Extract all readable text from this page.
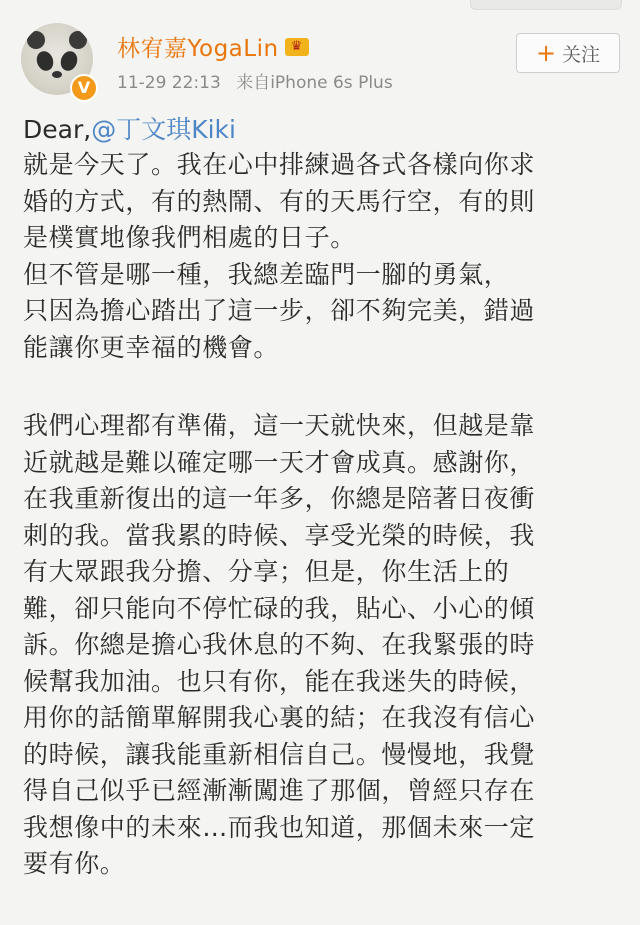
V
林宥嘉YogaLin ♛
11-29 22:13 来自iPhone 6s Plus
+ 关注
Dear,@丁文琪Kiki
就是今天了。我在心中排練過各式各樣向你求
婚的方式，有的熱鬧、有的天馬行空，有的則
是樸實地像我們相處的日子。
但不管是哪一種，我總差臨門一腳的勇氣，
只因為擔心踏出了這一步，卻不夠完美，錯過
能讓你更幸福的機會。
我們心理都有準備，這一天就快來，但越是靠
近就越是難以確定哪一天才會成真。感謝你，
在我重新復出的這一年多，你總是陪著日夜衝
刺的我。當我累的時候、享受光榮的時候，我
有大眾跟我分擔、分享；但是，你生活上的
難，卻只能向不停忙碌的我，貼心、小心的傾
訴。你總是擔心我休息的不夠、在我緊張的時
候幫我加油。也只有你，能在我迷失的時候，
用你的話簡單解開我心裏的結；在我沒有信心
的時候，讓我能重新相信自己。慢慢地，我覺
得自己似乎已經漸漸闖進了那個，曾經只存在
我想像中的未來…而我也知道，那個未來一定
要有你。
